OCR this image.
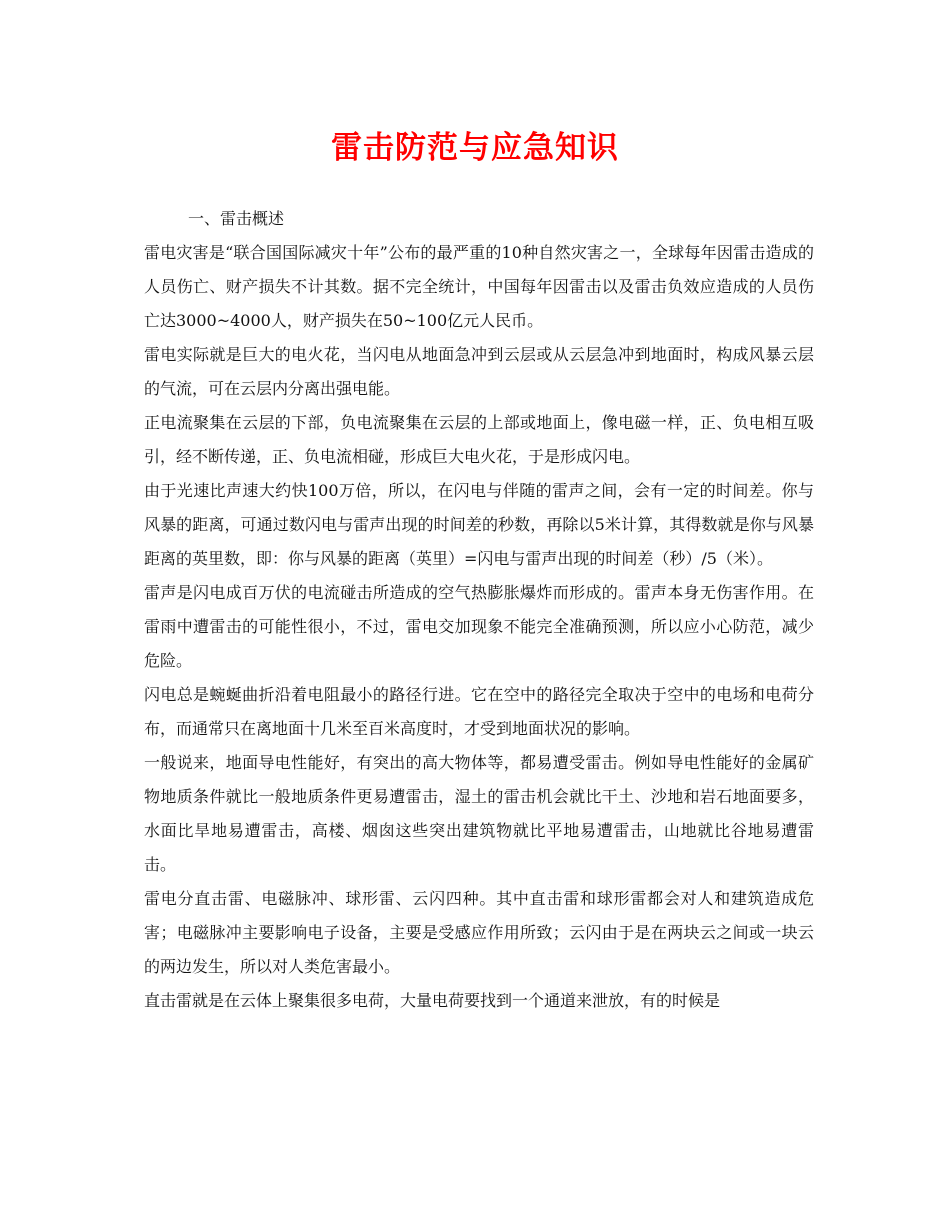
雷击防范与应急知识

一、雷击概述

雷电灾害是“联合国国际减灾十年”公布的最严重的10种自然灾害之一，全球每年因雷击造成的人员伤亡、财产损失不计其数。据不完全统计，中国每年因雷击以及雷击负效应造成的人员伤亡达3000~4000人，财产损失在50~100亿元人民币。

雷电实际就是巨大的电火花，当闪电从地面急冲到云层或从云层急冲到地面时，构成风暴云层的气流，可在云层内分离出强电能。

正电流聚集在云层的下部，负电流聚集在云层的上部或地面上，像电磁一样，正、负电相互吸引，经不断传递，正、负电流相碰，形成巨大电火花，于是形成闪电。

由于光速比声速大约快100万倍，所以，在闪电与伴随的雷声之间，会有一定的时间差。你与风暴的距离，可通过数闪电与雷声出现的时间差的秒数，再除以5米计算，其得数就是你与风暴距离的英里数，即：你与风暴的距离（英里）=闪电与雷声出现的时间差（秒）/5（米）。

雷声是闪电成百万伏的电流碰击所造成的空气热膨胀爆炸而形成的。雷声本身无伤害作用。在雷雨中遭雷击的可能性很小，不过，雷电交加现象不能完全准确预测，所以应小心防范，减少危险。

闪电总是蜿蜒曲折沿着电阻最小的路径行进。它在空中的路径完全取决于空中的电场和电荷分布，而通常只在离地面十几米至百米高度时，才受到地面状况的影响。

一般说来，地面导电性能好，有突出的高大物体等，都易遭受雷击。例如导电性能好的金属矿物地质条件就比一般地质条件更易遭雷击，湿土的雷击机会就比干土、沙地和岩石地面要多，水面比旱地易遭雷击，高楼、烟囱这些突出建筑物就比平地易遭雷击，山地就比谷地易遭雷击。

雷电分直击雷、电磁脉冲、球形雷、云闪四种。其中直击雷和球形雷都会对人和建筑造成危害；电磁脉冲主要影响电子设备，主要是受感应作用所致；云闪由于是在两块云之间或一块云的两边发生，所以对人类危害最小。

直击雷就是在云体上聚集很多电荷，大量电荷要找到一个通道来泄放，有的时候是
